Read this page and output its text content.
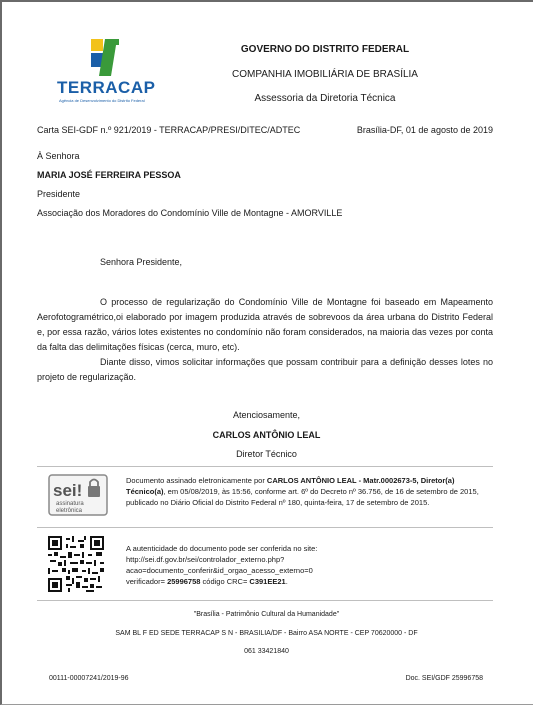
TERRACAP
Agência de Desenvolvimento do Distrito Federal
GOVERNO DO DISTRITO FEDERAL
COMPANHIA IMOBILIÁRIA DE BRASÍLIA
Assessoria da Diretoria Técnica
Carta SEI-GDF n.º 921/2019 - TERRACAP/PRESI/DITEC/ADTEC	Brasília-DF, 01 de agosto de 2019
À Senhora
MARIA JOSÉ FERREIRA PESSOA
Presidente
Associação dos Moradores do Condomínio Ville de Montagne - AMORVILLE
Senhora Presidente,
O processo de regularização do Condomínio Ville de Montagne foi baseado em Mapeamento Aerofotogramétrico,oi elaborado por imagem produzida através de sobrevoos da área urbana do Distrito Federal e, por essa razão, vários lotes existentes no condomínio não foram considerados, na maioria das vezes por conta da falta das delimitações físicas (cerca, muro, etc).
Diante disso, vimos solicitar informações que possam contribuir para a definição desses lotes no projeto de regularização.
Atenciosamente,
CARLOS ANTÔNIO LEAL
Diretor Técnico
sei!
assinatura
eletrônica
Documento assinado eletronicamente por CARLOS ANTÔNIO LEAL - Matr.0002673-5, Diretor(a) Técnico(a), em 05/08/2019, às 15:56, conforme art. 6º do Decreto nº 36.756, de 16 de setembro de 2015, publicado no Diário Oficial do Distrito Federal nº 180, quinta-feira, 17 de setembro de 2015.
A autenticidade do documento pode ser conferida no site:
http://sei.df.gov.br/sei/controlador_externo.php?
acao=documento_conferir&id_orgao_acesso_externo=0
verificador= 25996758 código CRC= C391EE21.
"Brasília - Patrimônio Cultural da Humanidade"
SAM BL F ED SEDE TERRACAP S N - BRASILIA/DF - Bairro ASA NORTE - CEP 70620000 - DF
061 33421840
00111-00007241/2019-96	Doc. SEI/GDF 25996758
